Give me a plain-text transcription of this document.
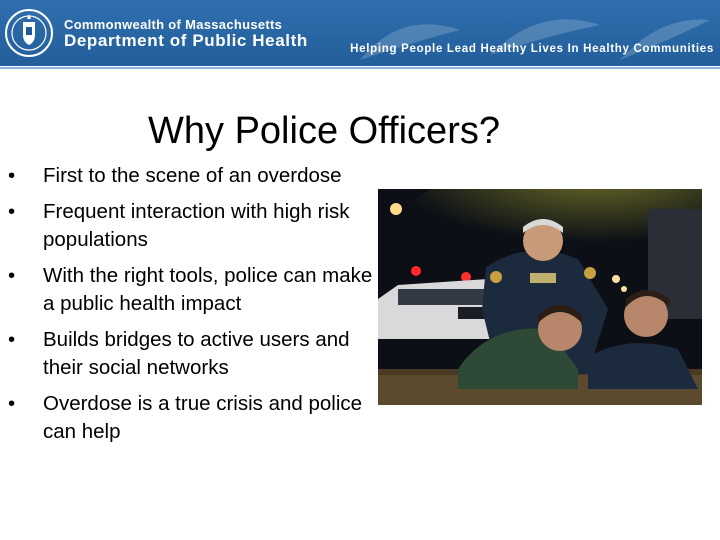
Commonwealth of Massachusetts
Department of Public Health	Helping People Lead Healthy Lives In Healthy Communities
Why Police Officers?
• First to the scene of an overdose
• Frequent interaction with high risk populations
• With the right tools, police can make a public health impact
• Builds bridges to active users and their social networks
• Overdose is a true crisis and police can help
